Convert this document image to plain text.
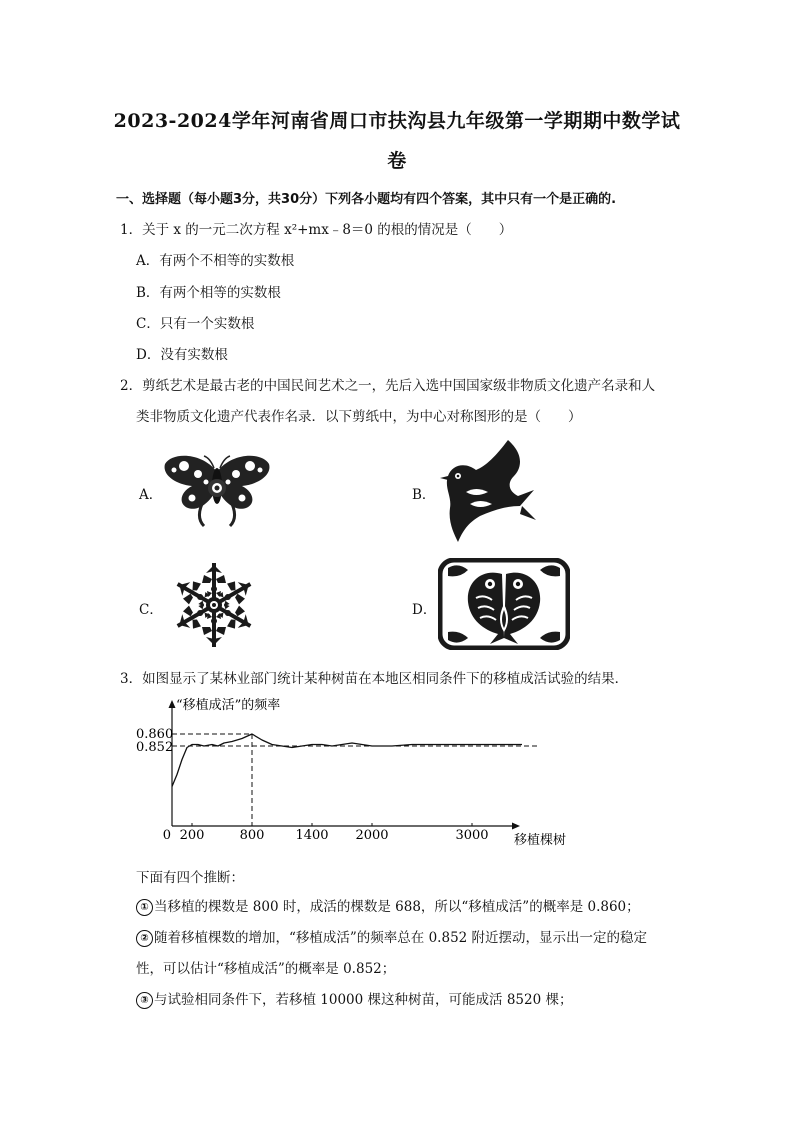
2023-2024学年河南省周口市扶沟县九年级第一学期期中数学试
卷
一、选择题（每小题3分，共30分）下列各小题均有四个答案，其中只有一个是正确的.
1．关于 x 的一元二次方程 x²+mx﹣8＝0 的根的情况是（　　）
A．有两个不相等的实数根
B．有两个相等的实数根
C．只有一个实数根
D．没有实数根
2．剪纸艺术是最古老的中国民间艺术之一，先后入选中国国家级非物质文化遗产名录和人
类非物质文化遗产代表作名录．以下剪纸中，为中心对称图形的是（　　）
A．	B．
C．	D．
3．如图显示了某林业部门统计某种树苗在本地区相同条件下的移植成活试验的结果．
“移植成活”的频率
移植棵树
0.860
0.852
0 200	800 1400 2000	3000
下面有四个推断：
① 当移植的棵数是 800 时，成活的棵数是 688，所以“移植成活”的概率是 0.860；
② 随着移植棵数的增加，“移植成活”的频率总在 0.852 附近摆动，显示出一定的稳定
性，可以估计“移植成活”的概率是 0.852；
③ 与试验相同条件下，若移植 10000 棵这种树苗，可能成活 8520 棵；
